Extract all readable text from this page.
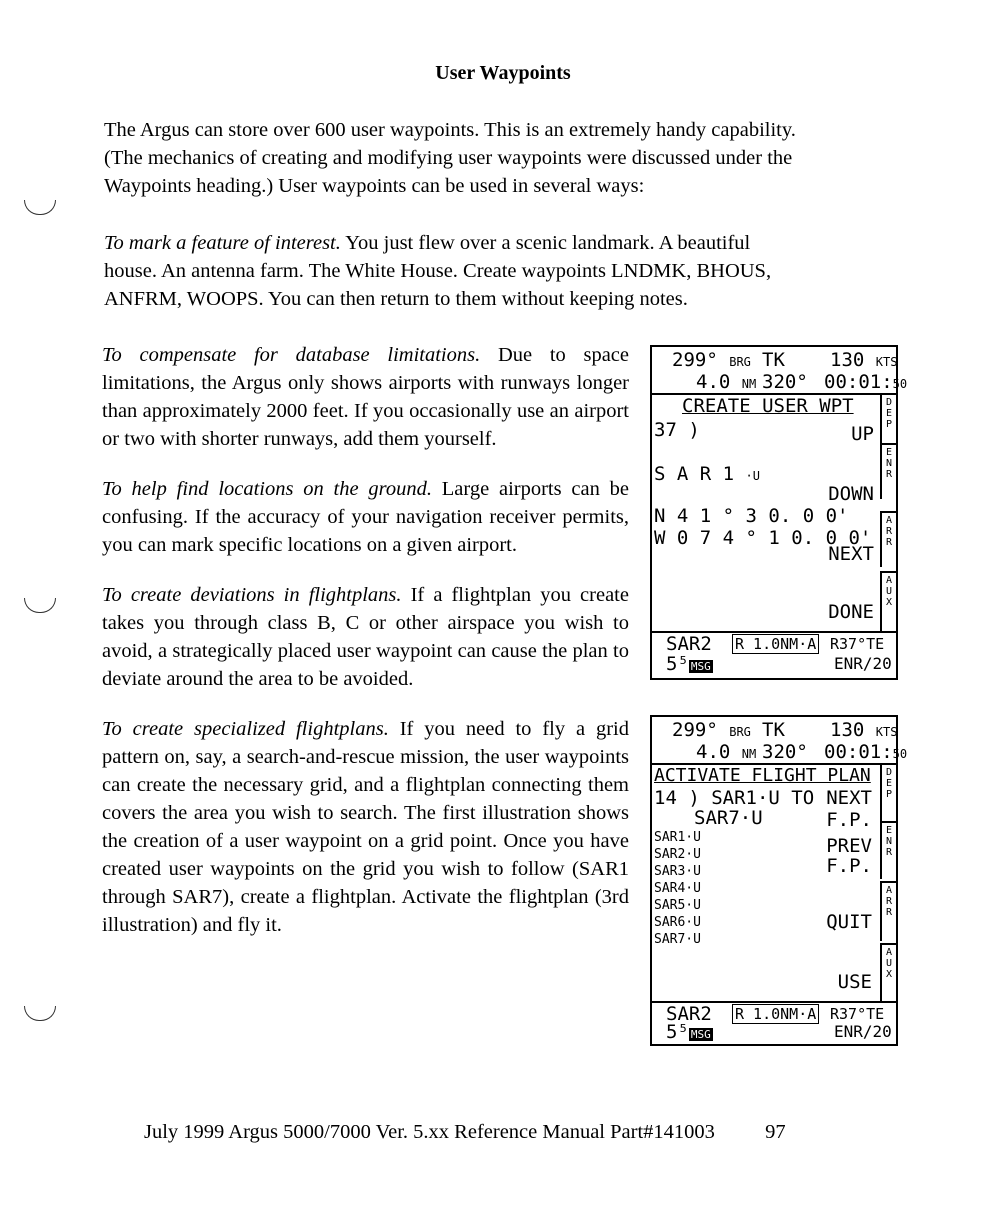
User Waypoints

The Argus can store over 600 user waypoints. This is an extremely handy capability.

(The mechanics of creating and modifying user waypoints were discussed under the

Waypoints heading.) User waypoints can be used in several ways:

To mark a feature of interest. You just flew over a scenic landmark. A beautiful

house. An antenna farm. The White House. Create waypoints LNDMK, BHOUS,

ANFRM, WOOPS. You can then return to them without keeping notes.

To compensate for database limitations. Due to space limitations, the Argus only shows airports with runways longer than approximately 2000 feet. If you occasionally use an airport or two with shorter runways, add them yourself.

To help find locations on the ground. Large airports can be confusing. If the accuracy of your navigation receiver permits, you can mark specific locations on a given airport.

To create deviations in flightplans. If a flightplan you create takes you through class B, C or other airspace you wish to avoid, a strategically placed user waypoint can cause the plan to deviate around the area to be avoided.

To create specialized flightplans. If you need to fly a grid pattern on, say, a search-and-rescue mission, the user waypoints can create the necessary grid, and a flightplan connecting them covers the area you wish to search. The first illustration shows the creation of a user waypoint on a grid point. Once you have created user waypoints on the grid you wish to follow (SAR1 through SAR7), create a flightplan. Activate the flightplan (3rd illustration) and fly it.

299° BRG TK 130 KTS
4.0 NM 320° 00:01:50
CREATE USER WPT
37 )
S A R 1 ·U
N 4 1 ° 3 0. 0 0'
W 0 7 4 ° 1 0. 0 0'
UP
DOWN
NEXT
DONE
D
E
P
E
N
R
A
R
R
A
U
X
SAR2 R 1.0NM·A R37°TE
5⁵ MSG	ENR/20
299° BRG TK 130 KTS
4.0 NM 320° 00:01:50
ACTIVATE FLIGHT PLAN
14 ) SAR1·U TO
SAR7·U
SAR1·U
SAR2·U
SAR3·U
SAR4·U
SAR5·U
SAR6·U
SAR7·U
NEXT
F.P.
PREV
F.P.
QUIT
USE
D
E
P
E
N
R
A
R
R
A
U
X
SAR2 R 1.0NM·A R37°TE
5⁵ MSG	ENR/20
July 1999 Argus 5000/7000 Ver. 5.xx Reference Manual Part#141003 97
